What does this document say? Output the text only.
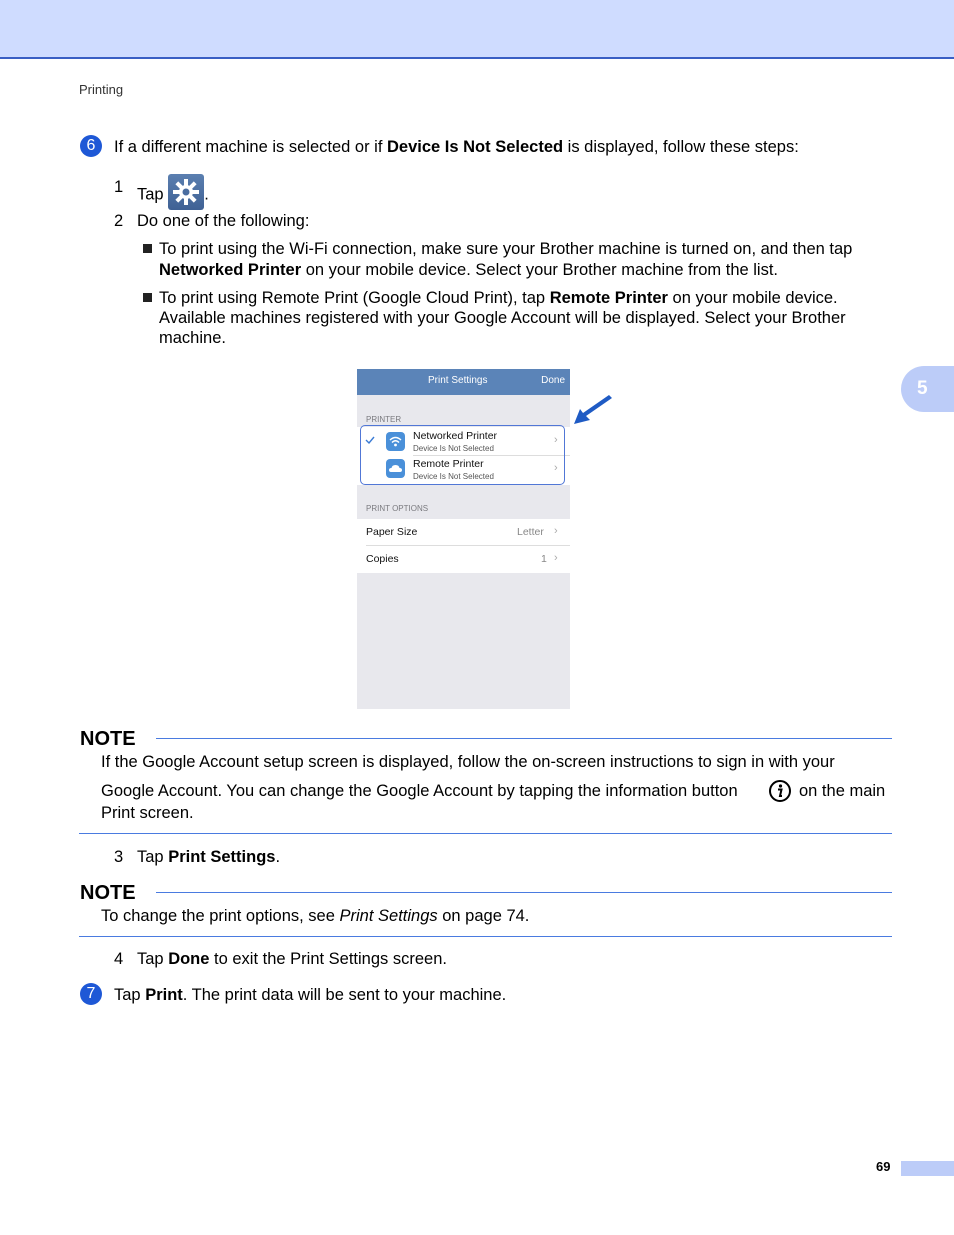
Printing
5
6	If a different machine is selected or if Device Is Not Selected is displayed, follow these steps:
1 Tap .
2 Do one of the following:
To print using the Wi-Fi connection, make sure your Brother machine is turned on, and then tap
Networked Printer on your mobile device. Select your Brother machine from the list.
To print using Remote Print (Google Cloud Print), tap Remote Printer on your mobile device.
Available machines registered with your Google Account will be displayed. Select your Brother
machine.
Print Settings	Done
PRINTER
Networked Printer
Device Is Not Selected
›
Remote Printer
Device Is Not Selected
›
PRINT OPTIONS
Paper Size	Letter ›
Copies	1 ›
NOTE
If the Google Account setup screen is displayed, follow the on-screen instructions to sign in with your
Google Account. You can change the Google Account by tapping the information button	on the main
Print screen.
3 Tap Print Settings.
NOTE
To change the print options, see Print Settings on page 74.
4 Tap Done to exit the Print Settings screen.
7	Tap Print. The print data will be sent to your machine.
69
